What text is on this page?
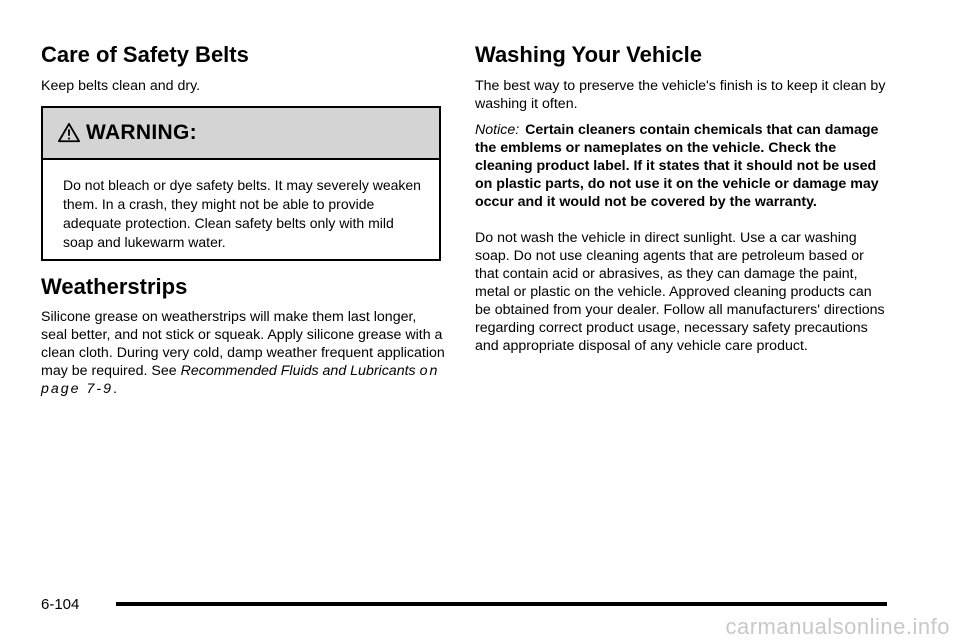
Care of Safety Belts

Keep belts clean and dry.

WARNING:

Do not bleach or dye safety belts. It may severely weaken them. In a crash, they might not be able to provide adequate protection. Clean safety belts only with mild soap and lukewarm water.

Weatherstrips

Silicone grease on weatherstrips will make them last longer, seal better, and not stick or squeak. Apply silicone grease with a clean cloth. During very cold, damp weather frequent application may be required. See Recommended Fluids and Lubricants on page 7‑9.

Washing Your Vehicle

The best way to preserve the vehicle's finish is to keep it clean by washing it often.

Notice: Certain cleaners contain chemicals that can damage the emblems or nameplates on the vehicle. Check the cleaning product label. If it states that it should not be used on plastic parts, do not use it on the vehicle or damage may occur and it would not be covered by the warranty.

Do not wash the vehicle in direct sunlight. Use a car washing soap. Do not use cleaning agents that are petroleum based or that contain acid or abrasives, as they can damage the paint, metal or plastic on the vehicle. Approved cleaning products can be obtained from your dealer. Follow all manufacturers' directions regarding correct product usage, necessary safety precautions and appropriate disposal of any vehicle care product.

6-104
carmanualsonline.info
